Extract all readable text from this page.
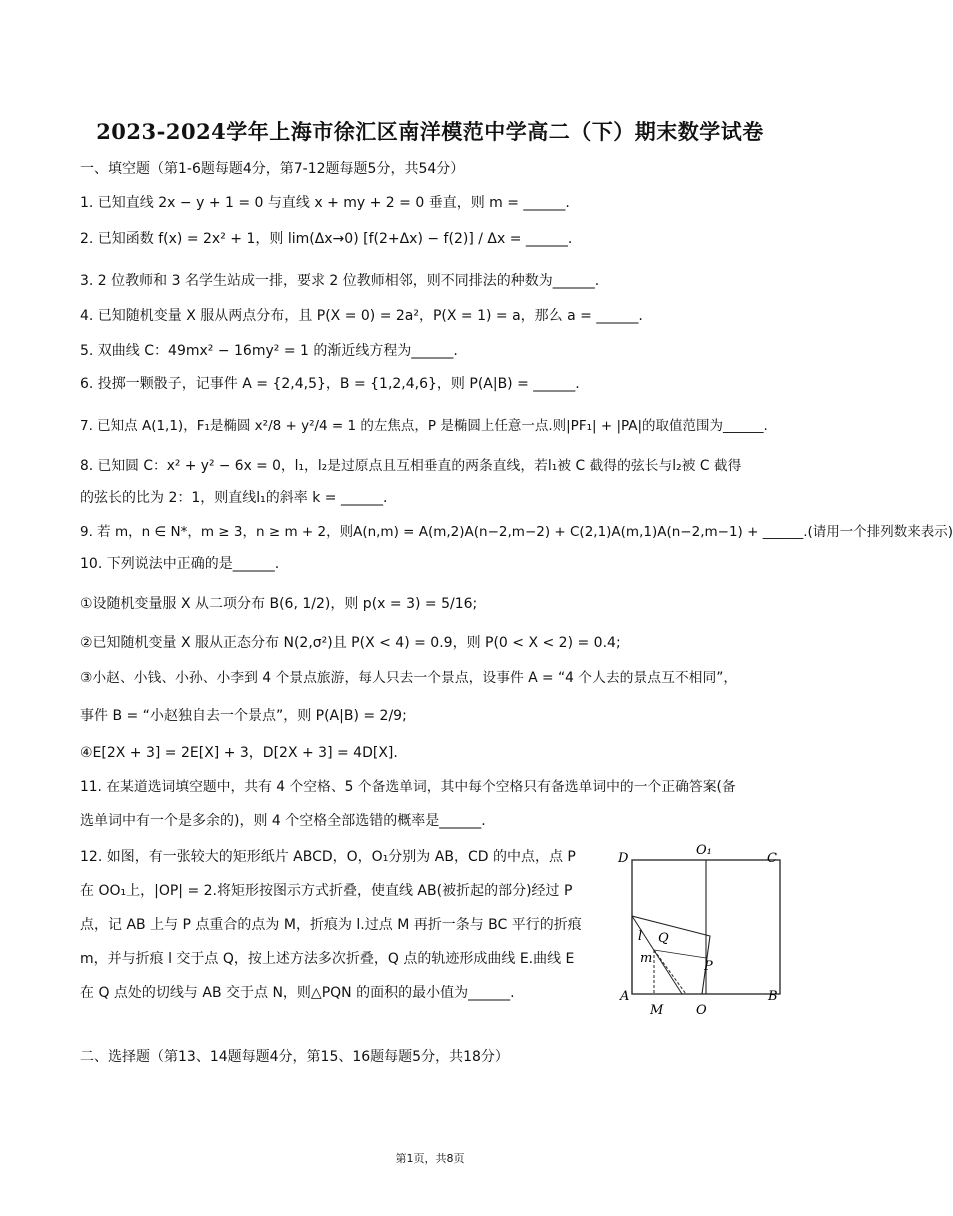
2023-2024学年上海市徐汇区南洋模范中学高二（下）期末数学试卷
一、填空题（第1-6题每题4分，第7-12题每题5分，共54分）
1. 已知直线 2x − y + 1 = 0 与直线 x + my + 2 = 0 垂直，则 m = ______.
2. 已知函数 f(x) = 2x² + 1，则 lim(Δx→0) [f(2+Δx) − f(2)] / Δx = ______.
3. 2 位教师和 3 名学生站成一排，要求 2 位教师相邻，则不同排法的种数为______.
4. 已知随机变量 X 服从两点分布，且 P(X = 0) = 2a²，P(X = 1) = a，那么 a = ______.
5. 双曲线 C：49mx² − 16my² = 1 的渐近线方程为______.
6. 投掷一颗骰子，记事件 A = {2,4,5}，B = {1,2,4,6}，则 P(A|B) = ______.
7. 已知点 A(1,1)，F₁是椭圆 x²/8 + y²/4 = 1 的左焦点，P 是椭圆上任意一点.则|PF₁| + |PA|的取值范围为______.
8. 已知圆 C：x² + y² − 6x = 0，l₁，l₂是过原点且互相垂直的两条直线，若l₁被 C 截得的弦长与l₂被 C 截得
的弦长的比为 2：1，则直线l₁的斜率 k = ______.
9. 若 m，n ∈ N*，m ≥ 3，n ≥ m + 2，则A(n,m) = A(m,2)A(n−2,m−2) + C(2,1)A(m,1)A(n−2,m−1) + ______.(请用一个排列数来表示)
10. 下列说法中正确的是______.
①设随机变量服 X 从二项分布 B(6, 1/2)，则 p(x = 3) = 5/16;
②已知随机变量 X 服从正态分布 N(2,σ²)且 P(X < 4) = 0.9，则 P(0 < X < 2) = 0.4;
③小赵、小钱、小孙、小李到 4 个景点旅游，每人只去一个景点，设事件 A = “4 个人去的景点互不相同”，
事件 B = “小赵独自去一个景点”，则 P(A|B) = 2/9;
④E[2X + 3] = 2E[X] + 3，D[2X + 3] = 4D[X].
11. 在某道选词填空题中，共有 4 个空格、5 个备选单词，其中每个空格只有备选单词中的一个正确答案(备
选单词中有一个是多余的)，则 4 个空格全部选错的概率是______.
12. 如图，有一张较大的矩形纸片 ABCD，O，O₁分别为 AB，CD 的中点，点 P
在 OO₁上，|OP| = 2.将矩形按图示方式折叠，使直线 AB(被折起的部分)经过 P
点，记 AB 上与 P 点重合的点为 M，折痕为 l.过点 M 再折一条与 BC 平行的折痕
m，并与折痕 l 交于点 Q，按上述方法多次折叠，Q 点的轨迹形成曲线 E.曲线 E
在 Q 点处的切线与 AB 交于点 N，则△PQN 的面积的最小值为______.
D
O₁
C
l Q
m
P
A
M	O
B
二、选择题（第13、14题每题4分，第15、16题每题5分，共18分）
第1页，共8页
